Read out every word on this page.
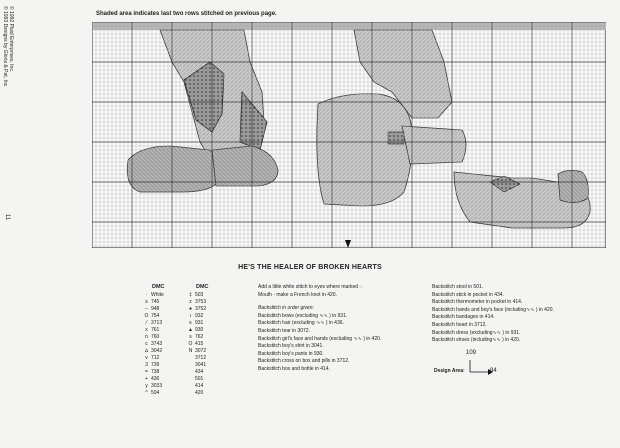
© 1992 Plaid Enterprises, Inc.
© 1993 Designs by Gloria & Pat, Inc.
11
Shaded area indicates last two rows stitched on previous page.
HE'S THE HEALER OF BROKEN HEARTS
DMC
· White
s 745
– 948
O 754
⁄ 3713
x 761
n 760
c 3743
∆ 3042
v 712
3 739
= 738
+ 436
y 3033
^ 504
DMC
‡ 503
z 3753
● 3752
ı 932
≡ 931
▲ 930
s 762
Ο 415
N 3072
3712
3041
434
501
414
420
Add a little white stitch to eyes where marked ◌
Mouth - make a French knot in 420.
Backstitch in order given:
Backstitch bows (excluding ∿∿ ) in 931.
Backstitch hair (excluding ∿∿ ) in 436.
Backstitch tear in 3072.
Backstitch girl's face and hands (excluding ∿∿ ) in 420.
Backstitch boy's shirt in 3041.
Backstitch boy's pants in 930.
Backstitch cross on box and pills in 3712.
Backstitch box and bottle in 414.
Backstitch stool in 501.
Backstitch stick in pocket in 434.
Backstitch thermometer in pocket in 414.
Backstitch hands and boy's face (including∿∿ ) in 420.
Backstitch bandages in 414.
Backstitch heart in 3712.
Backstitch dress (excluding∿∿ ) in 931.
Backstitch shoes (including∿∿ ) in 420.
109
Design Area:	94
